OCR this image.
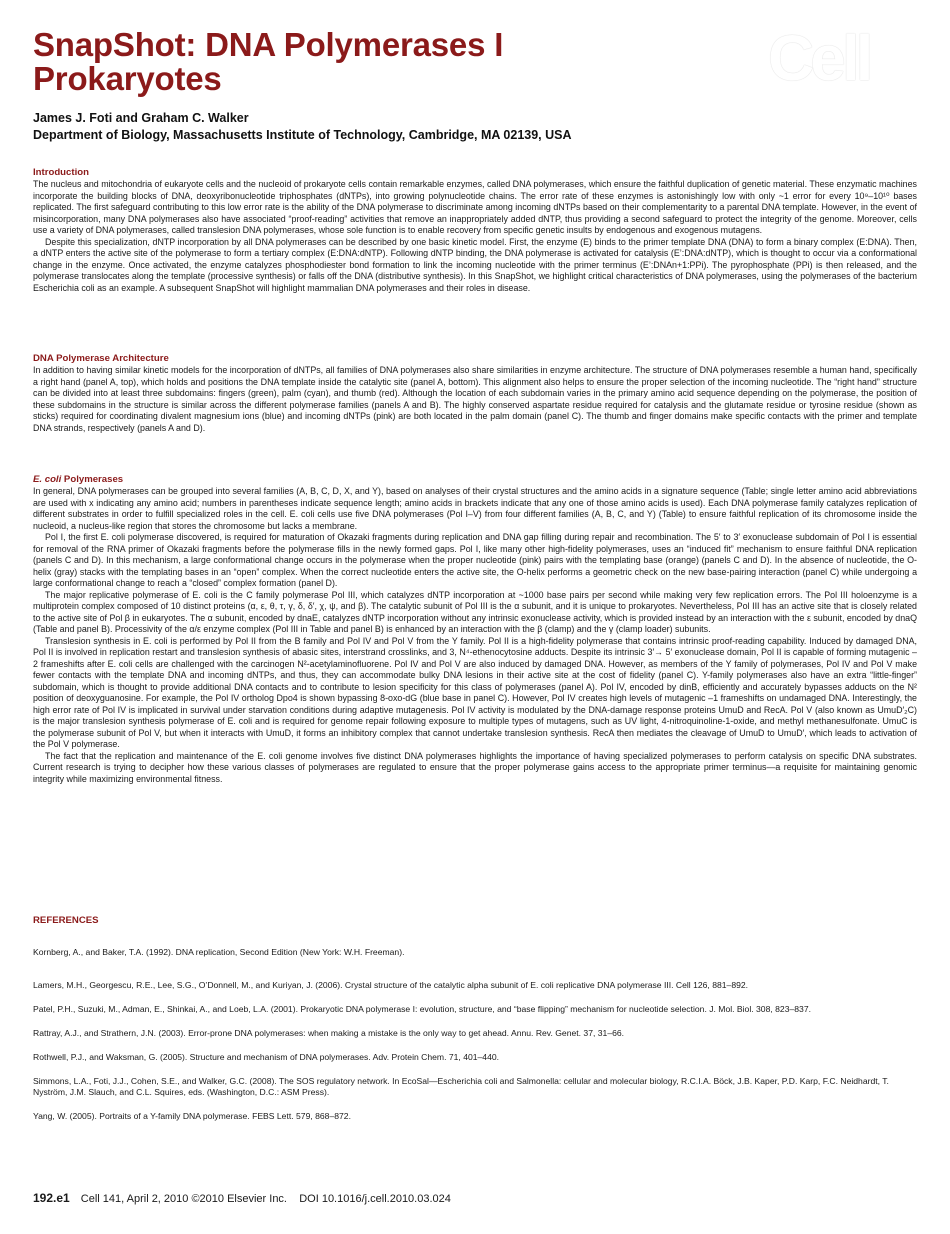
SnapShot: DNA Polymerases I
Prokaryotes	Cell
James J. Foti and Graham C. Walker
Department of Biology, Massachusetts Institute of Technology, Cambridge, MA 02139, USA
Introduction

The nucleus and mitochondria of eukaryote cells and the nucleoid of prokaryote cells contain remarkable enzymes, called DNA polymerases, which ensure the faithful duplication of genetic material. These enzymatic machines incorporate the building blocks of DNA, deoxyribonucleotide triphosphates (dNTPs), into growing polynucleotide chains. The error rate of these enzymes is astonishingly low with only ~1 error for every 10⁹–10¹⁰ bases replicated. The first safeguard contributing to this low error rate is the ability of the DNA polymerase to discriminate among incoming dNTPs based on their complementarity to a parental DNA template. However, in the event of misincorporation, many DNA polymerases also have associated “proof-reading” activities that remove an inappropriately added dNTP, thus providing a second safeguard to protect the integrity of the genome. Moreover, cells use a variety of DNA polymerases, called translesion DNA polymerases, whose sole function is to enable recovery from specific genetic insults by endogenous and exogenous mutagens.

Despite this specialization, dNTP incorporation by all DNA polymerases can be described by one basic kinetic model. First, the enzyme (E) binds to the primer template DNA (DNA) to form a binary complex (E:DNA). Then, a dNTP enters the active site of the polymerase to form a tertiary complex (E:DNA:dNTP). Following dNTP binding, the DNA polymerase is activated for catalysis (E’:DNA:dNTP), which is thought to occur via a conformational change in the enzyme. Once activated, the enzyme catalyzes phosphodiester bond formation to link the incoming nucleotide with the primer terminus (E’:DNAn+1:PPi). The pyrophosphate (PPi) is then released, and the polymerase translocates along the template (processive synthesis) or falls off the DNA (distributive synthesis). In this SnapShot, we highlight critical characteristics of DNA polymerases, using the polymerases of the bacterium Escherichia coli as an example. A subsequent SnapShot will highlight mammalian DNA polymerases and their roles in disease.

DNA Polymerase Architecture

In addition to having similar kinetic models for the incorporation of dNTPs, all families of DNA polymerases also share similarities in enzyme architecture. The structure of DNA polymerases resemble a human hand, specifically a right hand (panel A, top), which holds and positions the DNA template inside the catalytic site (panel A, bottom). This alignment also helps to ensure the proper selection of the incoming nucleotide. The “right hand” structure can be divided into at least three subdomains: fingers (green), palm (cyan), and thumb (red). Although the location of each subdomain varies in the primary amino acid sequence depending on the polymerase, the position of these subdomains in the structure is similar across the different polymerase families (panels A and B). The highly conserved aspartate residue required for catalysis and the glutamate residue or tyrosine residue (shown as sticks) required for coordinating divalent magnesium ions (blue) and incoming dNTPs (pink) are both located in the palm domain (panel C). The thumb and finger domains make specific contacts with the primer and template DNA strands, respectively (panels A and D).

E. coli Polymerases

In general, DNA polymerases can be grouped into several families (A, B, C, D, X, and Y), based on analyses of their crystal structures and the amino acids in a signature sequence (Table; single letter amino acid abbreviations are used with x indicating any amino acid; numbers in parentheses indicate sequence length; amino acids in brackets indicate that any one of those amino acids is used). Each DNA polymerase family catalyzes replication of different substrates in order to fulfill specialized roles in the cell. E. coli cells use five DNA polymerases (Pol I–V) from four different families (A, B, C, and Y) (Table) to ensure faithful replication of its chromosome inside the nucleoid, a nucleus-like region that stores the chromosome but lacks a membrane.

Pol I, the first E. coli polymerase discovered, is required for maturation of Okazaki fragments during replication and DNA gap filling during repair and recombination. The 5′ to 3′ exonuclease subdomain of Pol I is essential for removal of the RNA primer of Okazaki fragments before the polymerase fills in the newly formed gaps. Pol I, like many other high-fidelity polymerases, uses an “induced fit” mechanism to ensure faithful DNA replication (panels C and D). In this mechanism, a large conformational change occurs in the polymerase when the proper nucleotide (pink) pairs with the templating base (orange) (panels C and D). In the absence of nucleotide, the O-helix (gray) stacks with the templating bases in an “open” complex. When the correct nucleotide enters the active site, the O-helix performs a geometric check on the new base-pairing interaction (panel C) while undergoing a large conformational change to reach a “closed” complex formation (panel D).

The major replicative polymerase of E. coli is the C family polymerase Pol III, which catalyzes dNTP incorporation at ~1000 base pairs per second while making very few replication errors. The Pol III holoenzyme is a multiprotein complex composed of 10 distinct proteins (α, ε, θ, τ, γ, δ, δ′, χ, ψ, and β). The catalytic subunit of Pol III is the α subunit, and it is unique to prokaryotes. Nevertheless, Pol III has an active site that is closely related to the active site of Pol β in eukaryotes. The α subunit, encoded by dnaE, catalyzes dNTP incorporation without any intrinsic exonuclease activity, which is provided instead by an interaction with the ε subunit, encoded by dnaQ (Table and panel B). Processivity of the α/ε enzyme complex (Pol III in Table and panel B) is enhanced by an interaction with the β (clamp) and the γ (clamp loader) subunits.

Translesion synthesis in E. coli is performed by Pol II from the B family and Pol IV and Pol V from the Y family. Pol II is a high-fidelity polymerase that contains intrinsic proof-reading capability. Induced by damaged DNA, Pol II is involved in replication restart and translesion synthesis of abasic sites, interstrand crosslinks, and 3, N⁴-ethenocytosine adducts. Despite its intrinsic 3′→ 5′ exonuclease domain, Pol II is capable of forming mutagenic –2 frameshifts after E. coli cells are challenged with the carcinogen N²-acetylaminofluorene. Pol IV and Pol V are also induced by damaged DNA. However, as members of the Y family of polymerases, Pol IV and Pol V make fewer contacts with the template DNA and incoming dNTPs, and thus, they can accommodate bulky DNA lesions in their active site at the cost of fidelity (panel C). Y-family polymerases also have an extra “little-finger” subdomain, which is thought to provide additional DNA contacts and to contribute to lesion specificity for this class of polymerases (panel A). Pol IV, encoded by dinB, efficiently and accurately bypasses adducts on the N² position of deoxyguanosine. For example, the Pol IV ortholog Dpo4 is shown bypassing 8-oxo-dG (blue base in panel C). However, Pol IV creates high levels of mutagenic –1 frameshifts on undamaged DNA. Interestingly, the high error rate of Pol IV is implicated in survival under starvation conditions during adaptive mutagenesis. Pol IV activity is modulated by the DNA-damage response proteins UmuD and RecA. Pol V (also known as UmuD′₂C) is the major translesion synthesis polymerase of E. coli and is required for genome repair following exposure to multiple types of mutagens, such as UV light, 4-nitroquinoline-1-oxide, and methyl methanesulfonate. UmuC is the polymerase subunit of Pol V, but when it interacts with UmuD, it forms an inhibitory complex that cannot undertake translesion synthesis. RecA then mediates the cleavage of UmuD to UmuD′, which leads to activation of the Pol V polymerase.

The fact that the replication and maintenance of the E. coli genome involves five distinct DNA polymerases highlights the importance of having specialized polymerases to perform catalysis on specific DNA substrates. Current research is trying to decipher how these various classes of polymerases are regulated to ensure that the proper polymerase gains access to the appropriate primer terminus—a requisite for maintaining genomic integrity while maximizing environmental fitness.

REFERENCES

Kornberg, A., and Baker, T.A. (1992). DNA replication, Second Edition (New York: W.H. Freeman).

Lamers, M.H., Georgescu, R.E., Lee, S.G., O’Donnell, M., and Kuriyan, J. (2006). Crystal structure of the catalytic alpha subunit of E. coli replicative DNA polymerase III. Cell 126, 881–892.

Patel, P.H., Suzuki, M., Adman, E., Shinkai, A., and Loeb, L.A. (2001). Prokaryotic DNA polymerase I: evolution, structure, and “base flipping” mechanism for nucleotide selection. J. Mol. Biol. 308, 823–837.

Rattray, A.J., and Strathern, J.N. (2003). Error-prone DNA polymerases: when making a mistake is the only way to get ahead. Annu. Rev. Genet. 37, 31–66.

Rothwell, P.J., and Waksman, G. (2005). Structure and mechanism of DNA polymerases. Adv. Protein Chem. 71, 401–440.

Simmons, L.A., Foti, J.J., Cohen, S.E., and Walker, G.C. (2008). The SOS regulatory network. In EcoSal—Escherichia coli and Salmonella: cellular and molecular biology, R.C.I.A. Böck, J.B. Kaper, P.D. Karp, F.C. Neidhardt, T. Nyström, J.M. Slauch, and C.L. Squires, eds. (Washington, D.C.: ASM Press).

Yang, W. (2005). Portraits of a Y-family DNA polymerase. FEBS Lett. 579, 868–872.

192.e1 Cell 141, April 2, 2010 ©2010 Elsevier Inc.    DOI 10.1016/j.cell.2010.03.024
